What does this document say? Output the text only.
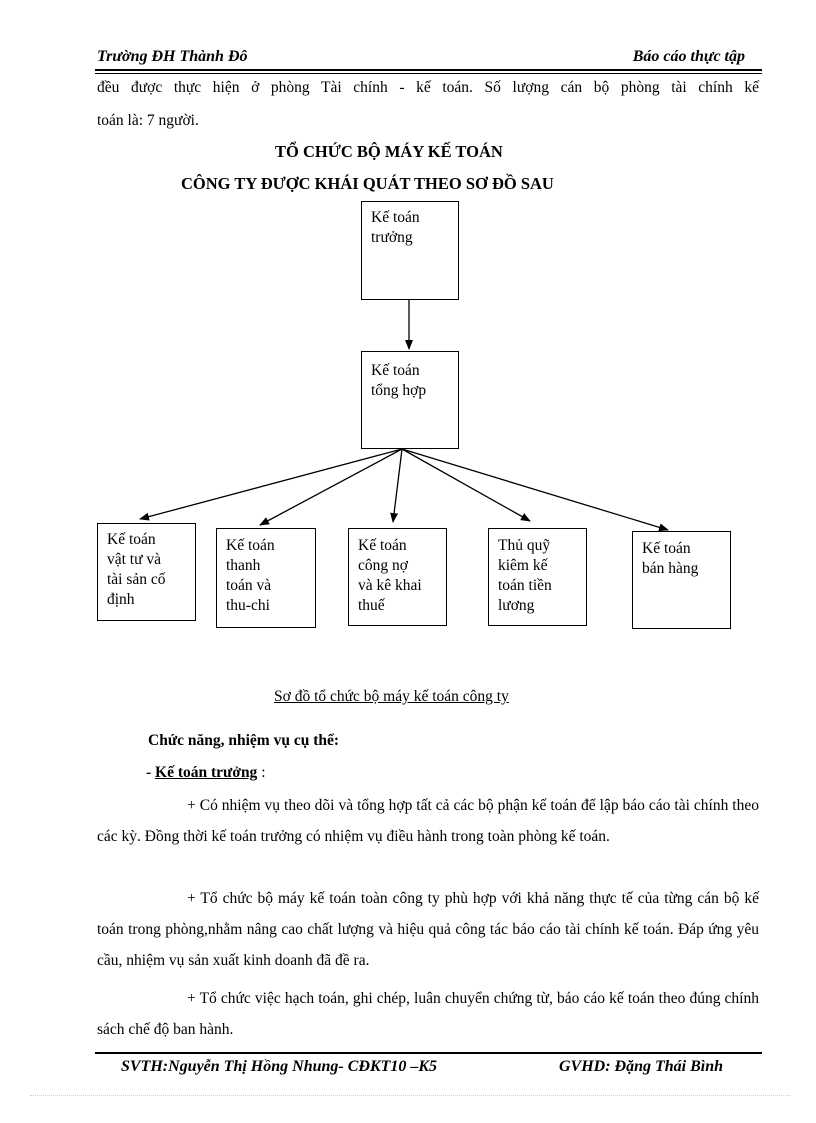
Trường ĐH Thành Đô	Báo cáo thực tập
đều được thực hiện ở phòng Tài chính - kế toán. Số lượng cán bộ phòng tài chính kế
toán là: 7 người.
TỔ CHỨC BỘ MÁY KẾ TOÁN
CÔNG TY ĐƯỢC KHÁI QUÁT THEO SƠ ĐỒ SAU
Kế toán
trưởng
Kế toán
tổng hợp
Kế toán
vật tư và
tài sản cố
định
Kế toán
thanh
toán và
thu-chi
Kế toán
công nợ
và kê khai
thuế
Thủ quỹ
kiêm kế
toán tiền
lương
Kế toán
bán hàng
Sơ đồ tổ chức bộ máy kế toán công ty
Chức năng, nhiệm vụ cụ thể:
- Kế toán trưởng :
+ Có nhiệm vụ theo dõi và tổng hợp tất cả các bộ phận kế toán để lập báo cáo tài chính theo các kỳ. Đồng thời kế toán trưởng có nhiệm vụ điều hành trong toàn phòng kế toán.
+ Tổ chức bộ máy kế toán toàn công ty phù hợp với khả năng thực tế của từng cán bộ kế toán trong phòng,nhằm nâng cao chất lượng và hiệu quả công tác báo cáo tài chính kế toán. Đáp ứng yêu cầu, nhiệm vụ sản xuất kinh doanh đã đề ra.
+ Tổ chức việc hạch toán, ghi chép, luân chuyển chứng từ, báo cáo kế toán theo đúng chính sách chế độ ban hành.
SVTH:Nguyễn Thị Hồng Nhung- CĐKT10 –K5	GVHD: Đặng Thái Bình
